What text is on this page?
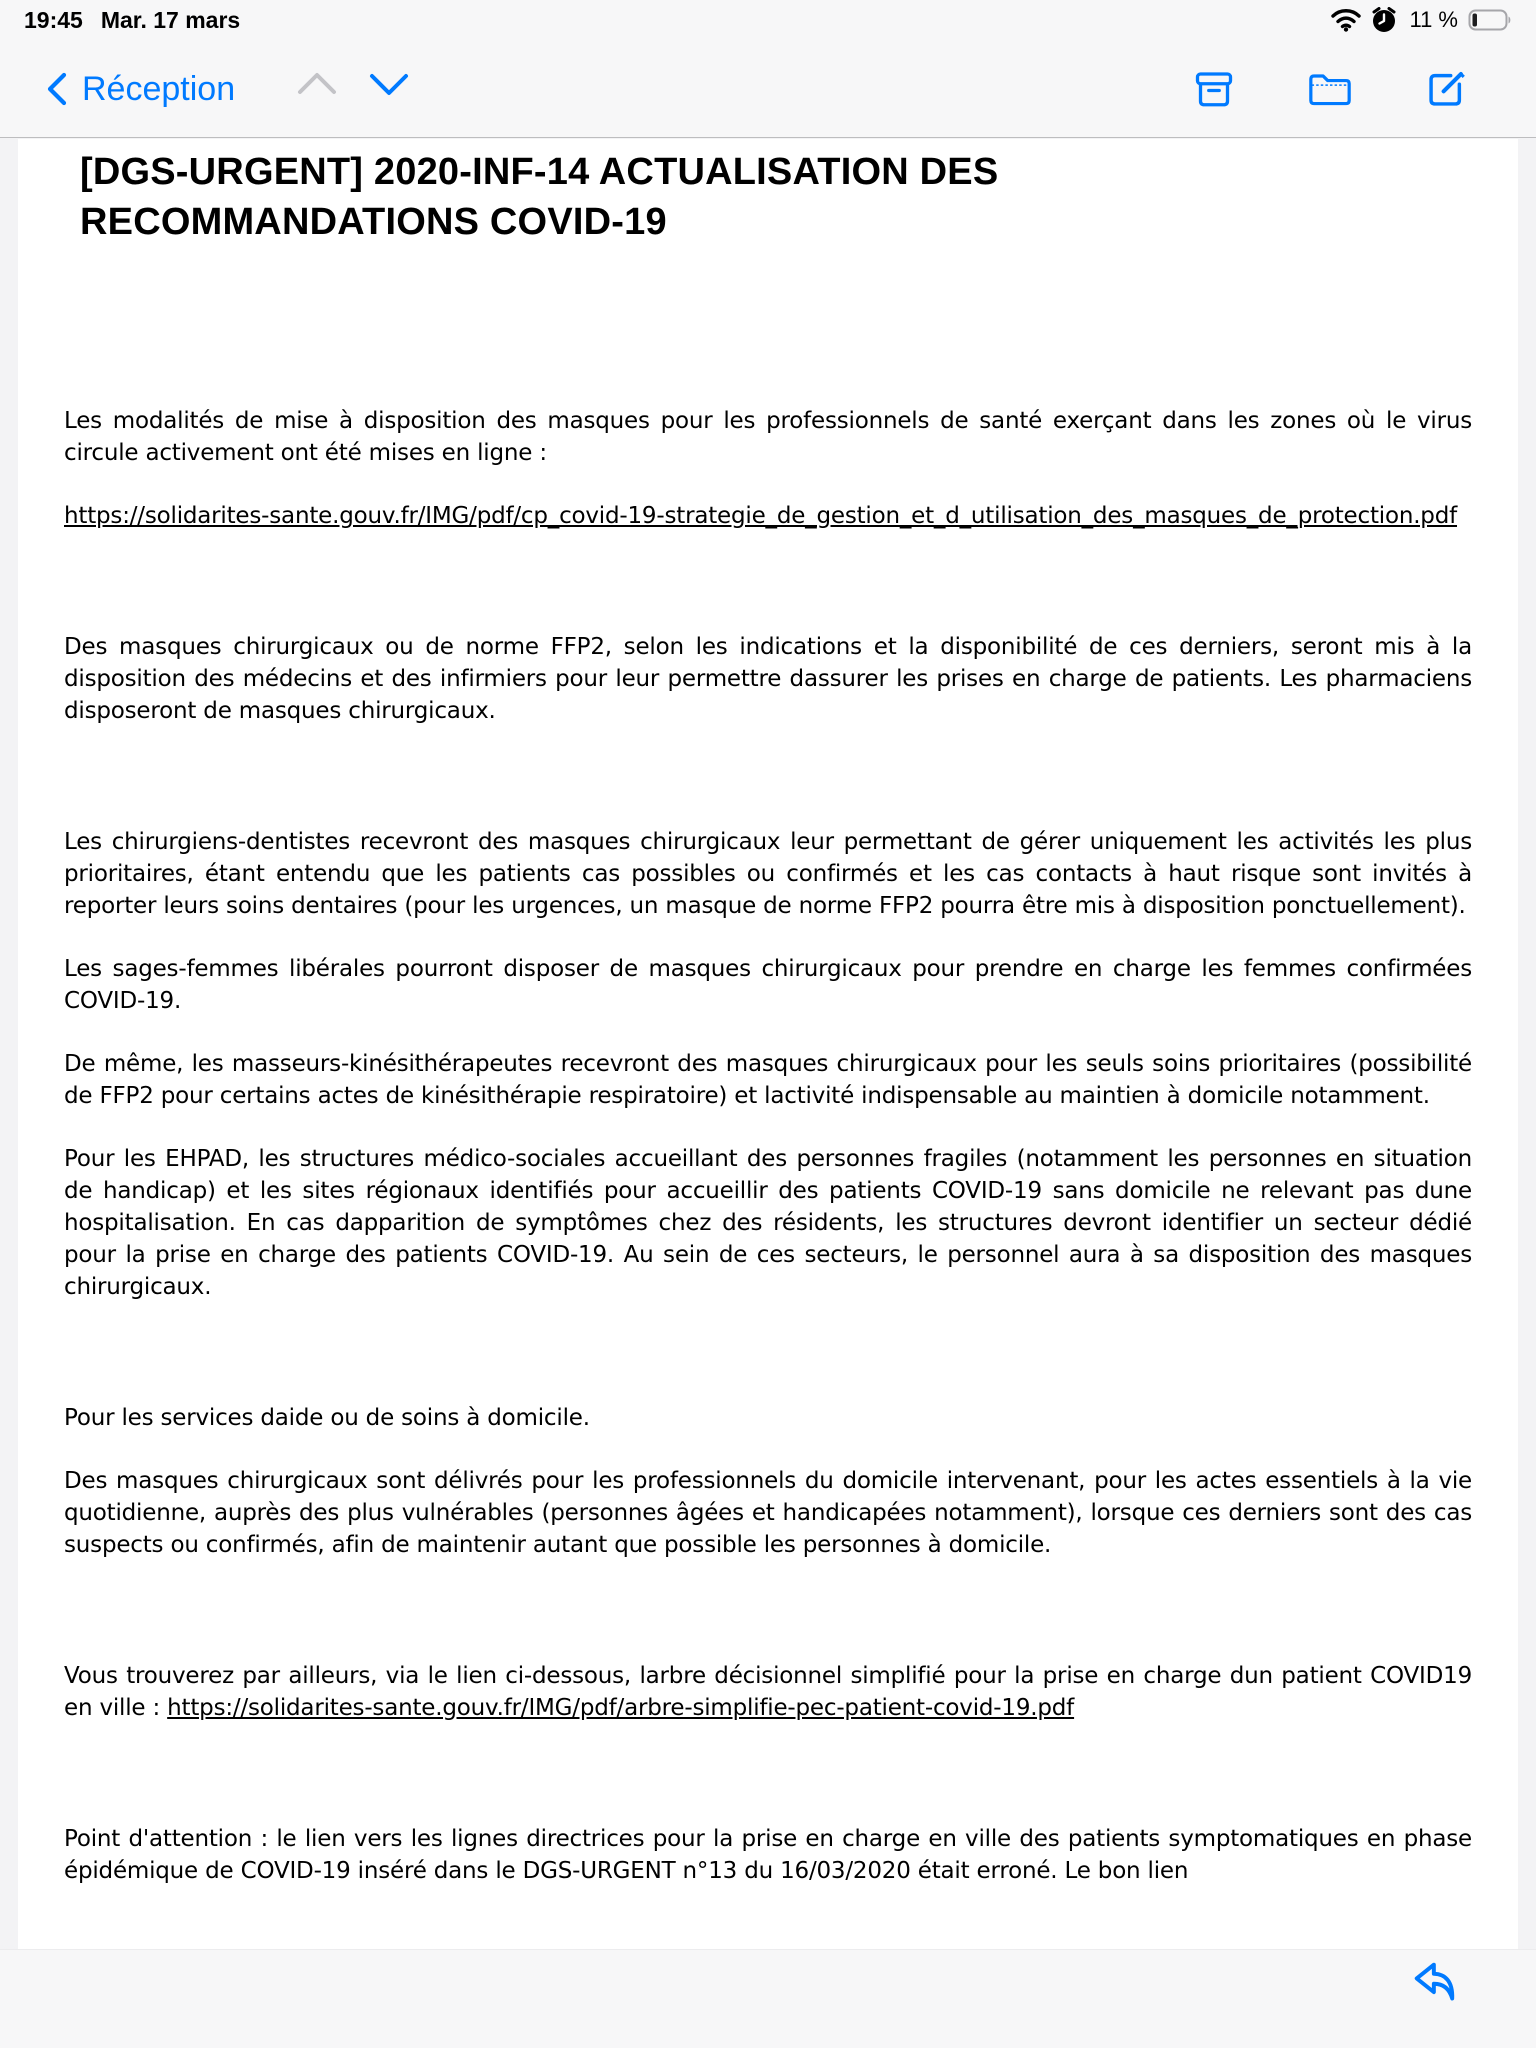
19:45 Mar. 17 mars	11 %
Réception
[DGS-URGENT] 2020-INF-14 ACTUALISATION DES RECOMMANDATIONS COVID-19

Les modalités de mise à disposition des masques pour les professionnels de santé exerçant dans les zones où le virus circule activement ont été mises en ligne :

https://solidarites-sante.gouv.fr/IMG/pdf/cp_covid-19-strategie_de_gestion_et_d_utilisation_des_masques_de_protection.pdf

Des masques chirurgicaux ou de norme FFP2, selon les indications et la disponibilité de ces derniers, seront mis à la disposition des médecins et des infirmiers pour leur permettre dassurer les prises en charge de patients. Les pharmaciens disposeront de masques chirurgicaux.

Les chirurgiens-dentistes recevront des masques chirurgicaux leur permettant de gérer uniquement les activités les plus prioritaires, étant entendu que les patients cas possibles ou confirmés et les cas contacts à haut risque sont invités à reporter leurs soins dentaires (pour les urgences, un masque de norme FFP2 pourra être mis à disposition ponctuellement).

Les sages-femmes libérales pourront disposer de masques chirurgicaux pour prendre en charge les femmes confirmées COVID-19.

De même, les masseurs-kinésithérapeutes recevront des masques chirurgicaux pour les seuls soins prioritaires (possibilité de FFP2 pour certains actes de kinésithérapie respiratoire) et lactivité indispensable au maintien à domicile notamment.

Pour les EHPAD, les structures médico-sociales accueillant des personnes fragiles (notamment les personnes en situation de handicap) et les sites régionaux identifiés pour accueillir des patients COVID-19 sans domicile ne relevant pas dune hospitalisation. En cas dapparition de symptômes chez des résidents, les structures devront identifier un secteur dédié pour la prise en charge des patients COVID-19. Au sein de ces secteurs, le personnel aura à sa disposition des masques chirurgicaux.

Pour les services daide ou de soins à domicile.

Des masques chirurgicaux sont délivrés pour les professionnels du domicile intervenant, pour les actes essentiels à la vie quotidienne, auprès des plus vulnérables (personnes âgées et handicapées notamment), lorsque ces derniers sont des cas suspects ou confirmés, afin de maintenir autant que possible les personnes à domicile.

Vous trouverez par ailleurs, via le lien ci-dessous, larbre décisionnel simplifié pour la prise en charge dun patient COVID19 en ville : https://solidarites-sante.gouv.fr/IMG/pdf/arbre-simplifie-pec-patient-covid-19.pdf

Point d'attention : le lien vers les lignes directrices pour la prise en charge en ville des patients symptomatiques en phase épidémique de COVID-19 inséré dans le DGS-URGENT n°13 du 16/03/2020 était erroné. Le bon lien
